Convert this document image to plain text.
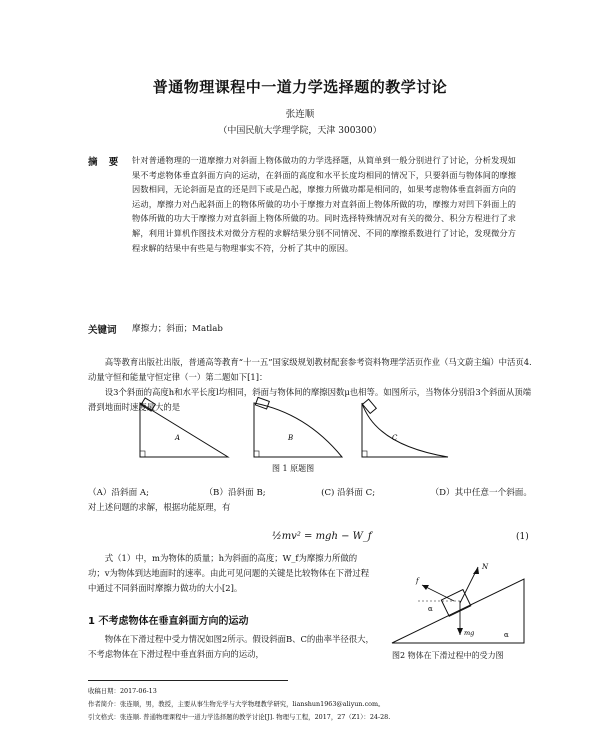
普通物理课程中一道力学选择题的教学讨论
张连顺
（中国民航大学理学院，天津 300300）
摘 要 针对普通物理的一道摩擦力对斜面上物体做功的力学选择题，从简单到一般分别进行了讨论，分析发现如果不考虑物体垂直斜面方向的运动，在斜面的高度和水平长度均相同的情况下，只要斜面与物体间的摩擦因数相同，无论斜面是直的还是凹下或是凸起，摩擦力所做功都是相同的，如果考虑物体垂直斜面方向的运动，摩擦力对凸起斜面上的物体所做的功小于摩擦力对直斜面上物体所做的功，摩擦力对凹下斜面上的物体所做的功大于摩擦力对直斜面上物体所做的功。同时选择特殊情况对有关的微分、积分方程进行了求解，利用计算机作图技术对微分方程的求解结果分别不同情况、不同的摩擦系数进行了讨论，发现微分方程求解的结果中有些是与物理事实不符，分析了其中的原因。
关键词 摩擦力；斜面；Matlab
高等教育出版社出版，普通高等教育“十一五”国家级规划教材配套参考资料物理学活页作业（马文蔚主编）中活页4. 动量守恒和能量守恒定律（一）第二题如下[1]：
设3个斜面的高度h和水平长度l均相同，斜面与物体间的摩擦因数μ也相等。如图所示，当物体分别沿3个斜面从顶端滑到地面时速度最大的是
A	B	C
图 1 原题图
（A）沿斜面 A;	（B）沿斜面 B;	(C) 沿斜面 C;	（D）其中任意一个斜面。
对上述问题的求解，根据功能原理，有
½mv² = mgh − W_f	(1)
式（1）中，m为物体的质量；h为斜面的高度；W_f为摩擦力所做的功；v为物体到达地面时的速率。由此可见问题的关键是比较物体在下滑过程中通过不同斜面时摩擦力做功的大小[2]。
N
f
α
α
mg
图2 物体在下滑过程中的受力图
1 不考虑物体在垂直斜面方向的运动
物体在下滑过程中受力情况如图2所示。假设斜面B、C的曲率半径很大，不考虑物体在下滑过程中垂直斜面方向的运动，
收稿日期：2017-06-13
作者简介：张连顺，男，教授，主要从事生物光学与大学物理教学研究，lianshun1963@aliyun.com。
引文格式：张连顺. 普通物理课程中一道力学选择题的教学讨论[J]. 物理与工程，2017，27（Z1）：24-28.
